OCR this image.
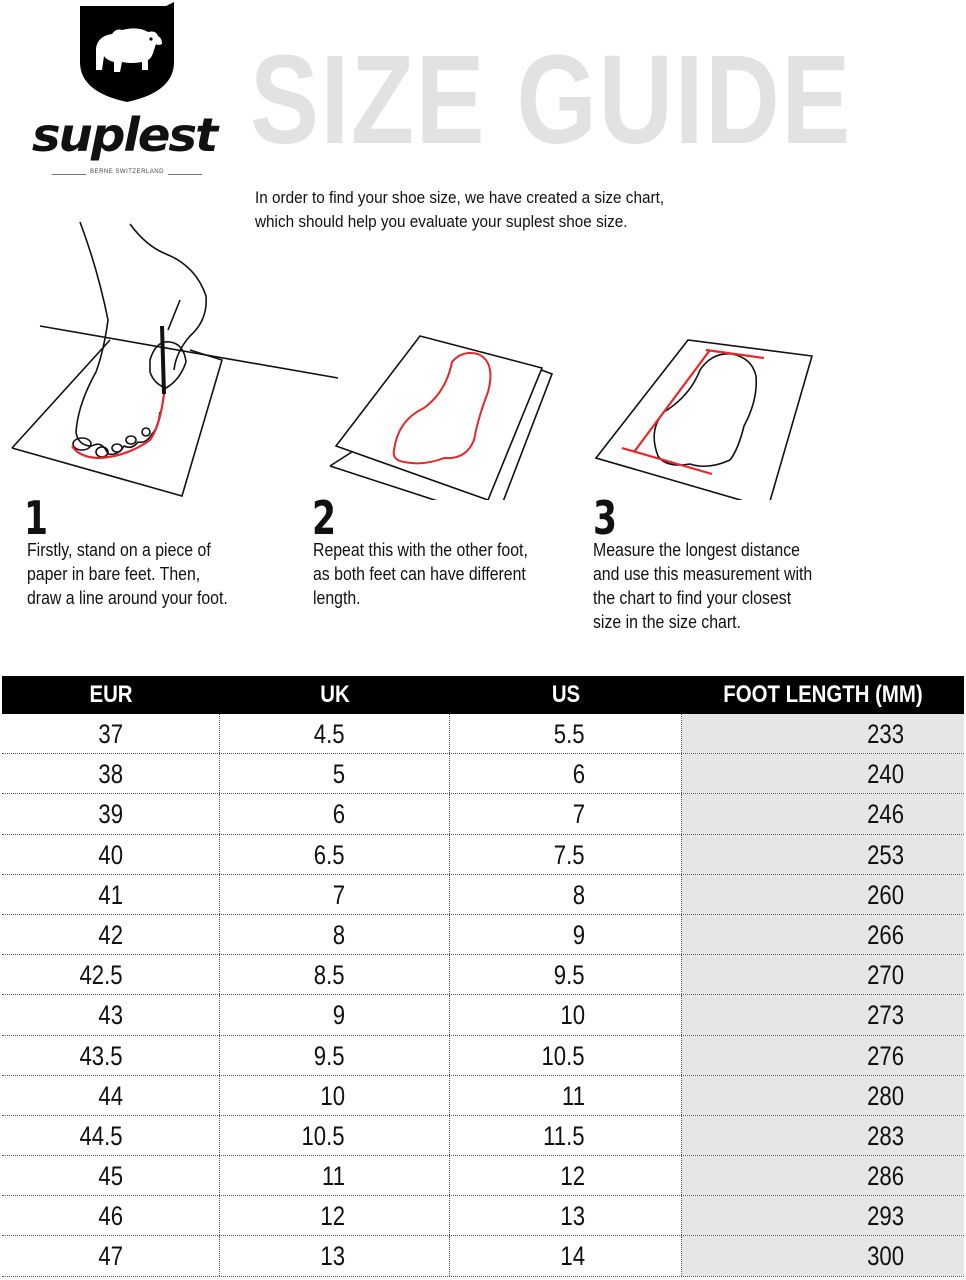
suplest
BERNE SWITZERLAND
SIZE GUIDE
In order to find your shoe size, we have created a size chart, which should help you evaluate your suplest shoe size.
1
Firstly, stand on a piece of
paper in bare feet. Then,
draw a line around your foot.
2
Repeat this with the other foot,
as both feet can have different
length.
3
Measure the longest distance
and use this measurement with
the chart to find your closest
size in the size chart.
EUR	UK	US	FOOT LENGTH (MM)
37	4.5	5.5	233
38	5	6	240
39	6	7	246
40	6.5	7.5	253
41	7	8	260
42	8	9	266
42.5	8.5	9.5	270
43	9	10	273
43.5	9.5	10.5	276
44	10	11	280
44.5	10.5	11.5	283
45	11	12	286
46	12	13	293
47	13	14	300
